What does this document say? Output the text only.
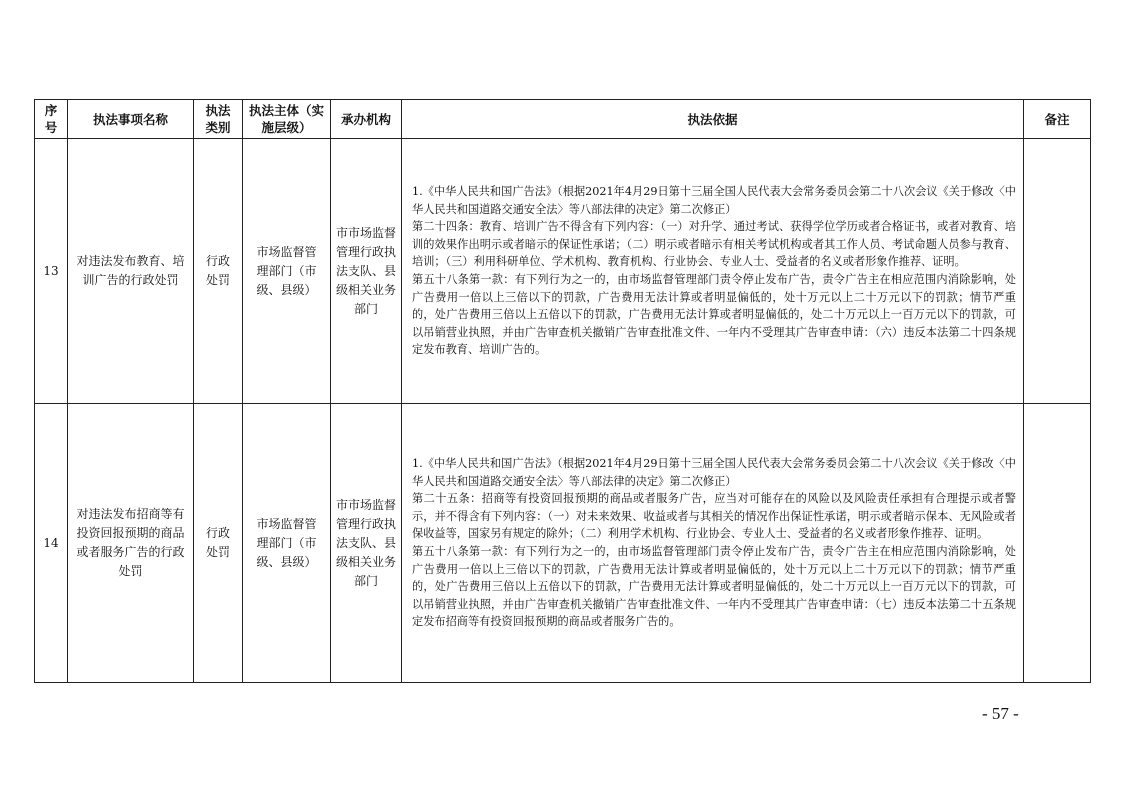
序号	执法事项名称	执法类别	执法主体（实施层级）	承办机构	执法依据	备注
13	对违法发布教育、培训广告的行政处罚	行政处罚	市场监督管理部门（市级、县级）	市市场监督管理行政执法支队、县级相关业务部门	1.《中华人民共和国广告法》（根据2021年4月29日第十三届全国人民代表大会常务委员会第二十八次会议《关于修改〈中华人民共和国道路交通安全法〉等八部法律的决定》第二次修正）

第二十四条：教育、培训广告不得含有下列内容：（一）对升学、通过考试、获得学位学历或者合格证书，或者对教育、培训的效果作出明示或者暗示的保证性承诺；（二）明示或者暗示有相关考试机构或者其工作人员、考试命题人员参与教育、培训；（三）利用科研单位、学术机构、教育机构、行业协会、专业人士、受益者的名义或者形象作推荐、证明。

第五十八条第一款：有下列行为之一的，由市场监督管理部门责令停止发布广告，责令广告主在相应范围内消除影响，处广告费用一倍以上三倍以下的罚款，广告费用无法计算或者明显偏低的，处十万元以上二十万元以下的罚款；情节严重的，处广告费用三倍以上五倍以下的罚款，广告费用无法计算或者明显偏低的，处二十万元以上一百万元以下的罚款，可以吊销营业执照，并由广告审查机关撤销广告审查批准文件、一年内不受理其广告审查申请：（六）违反本法第二十四条规定发布教育、培训广告的。	

14	对违法发布招商等有投资回报预期的商品或者服务广告的行政 处罚	行政处罚	市场监督管理部门（市级、县级）	市市场监督管理行政执法支队、县级相关业务部门	1.《中华人民共和国广告法》（根据2021年4月29日第十三届全国人民代表大会常务委员会第二十八次会议《关于修改〈中华人民共和国道路交通安全法〉等八部法律的决定》第二次修正）

第二十五条：招商等有投资回报预期的商品或者服务广告，应当对可能存在的风险以及风险责任承担有合理提示或者警示，并不得含有下列内容：（一）对未来效果、收益或者与其相关的情况作出保证性承诺，明示或者暗示保本、无风险或者保收益等，国家另有规定的除外；（二）利用学术机构、行业协会、专业人士、受益者的名义或者形象作推荐、证明。

第五十八条第一款：有下列行为之一的，由市场监督管理部门责令停止发布广告，责令广告主在相应范围内消除影响，处广告费用一倍以上三倍以下的罚款，广告费用无法计算或者明显偏低的，处十万元以上二十万元以下的罚款；情节严重的，处广告费用三倍以上五倍以下的罚款，广告费用无法计算或者明显偏低的，处二十万元以上一百万元以下的罚款，可以吊销营业执照，并由广告审查机关撤销广告审查批准文件、一年内不受理其广告审查申请：（七）违反本法第二十五条规定发布招商等有投资回报预期的商品或者服务广告的。	

- 57 -
